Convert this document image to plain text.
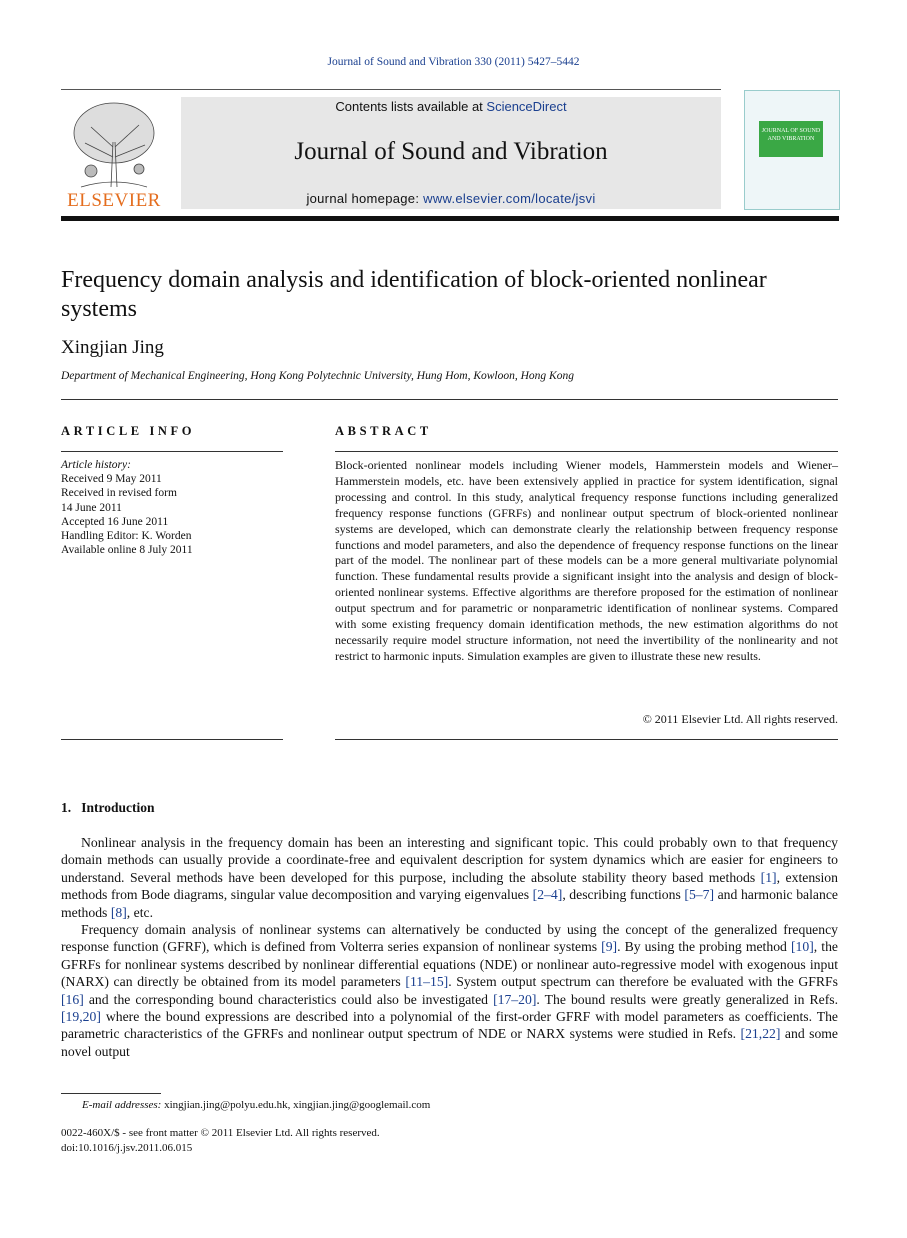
Journal of Sound and Vibration 330 (2011) 5427–5442
ELSEVIER
Contents lists available at ScienceDirect
Journal of Sound and Vibration
journal homepage: www.elsevier.com/locate/jsvi
JOURNAL OF SOUND AND VIBRATION
Frequency domain analysis and identification of block-oriented nonlinear systems
Xingjian Jing
Department of Mechanical Engineering, Hong Kong Polytechnic University, Hung Hom, Kowloon, Hong Kong
ARTICLE INFO
Article history:
Received 9 May 2011
Received in revised form
14 June 2011
Accepted 16 June 2011
Handling Editor: K. Worden
Available online 8 July 2011
ABSTRACT
Block-oriented nonlinear models including Wiener models, Hammerstein models and Wiener–Hammerstein models, etc. have been extensively applied in practice for system identification, signal processing and control. In this study, analytical frequency response functions including generalized frequency response functions (GFRFs) and nonlinear output spectrum of block-oriented nonlinear systems are developed, which can demonstrate clearly the relationship between frequency response functions and model parameters, and also the dependence of frequency response functions on the linear part of the model. The nonlinear part of these models can be a more general multivariate polynomial function. These fundamental results provide a significant insight into the analysis and design of block-oriented nonlinear systems. Effective algorithms are therefore proposed for the estimation of nonlinear output spectrum and for parametric or nonparametric identification of nonlinear systems. Compared with some existing frequency domain identification methods, the new estimation algorithms do not necessarily require model structure information, not need the invertibility of the nonlinearity and not restrict to harmonic inputs. Simulation examples are given to illustrate these new results.
© 2011 Elsevier Ltd. All rights reserved.
1.   Introduction

Nonlinear analysis in the frequency domain has been an interesting and significant topic. This could probably own to that frequency domain methods can usually provide a coordinate-free and equivalent description for system dynamics which are easier for engineers to understand. Several methods have been developed for this purpose, including the absolute stability theory based methods [1], extension methods from Bode diagrams, singular value decomposition and varying eigenvalues [2–4], describing functions [5–7] and harmonic balance methods [8], etc.

Frequency domain analysis of nonlinear systems can alternatively be conducted by using the concept of the generalized frequency response function (GFRF), which is defined from Volterra series expansion of nonlinear systems [9]. By using the probing method [10], the GFRFs for nonlinear systems described by nonlinear differential equations (NDE) or nonlinear auto-regressive model with exogenous input (NARX) can directly be obtained from its model parameters [11–15]. System output spectrum can therefore be evaluated with the GFRFs [16] and the corresponding bound characteristics could also be investigated [17–20]. The bound results were greatly generalized in Refs. [19,20] where the bound expressions are described into a polynomial of the first-order GFRF with model parameters as coefficients. The parametric characteristics of the GFRFs and nonlinear output spectrum of NDE or NARX systems were studied in Refs. [21,22] and some novel output

E-mail addresses: xingjian.jing@polyu.edu.hk, xingjian.jing@googlemail.com
0022-460X/$ - see front matter © 2011 Elsevier Ltd. All rights reserved.
doi:10.1016/j.jsv.2011.06.015
